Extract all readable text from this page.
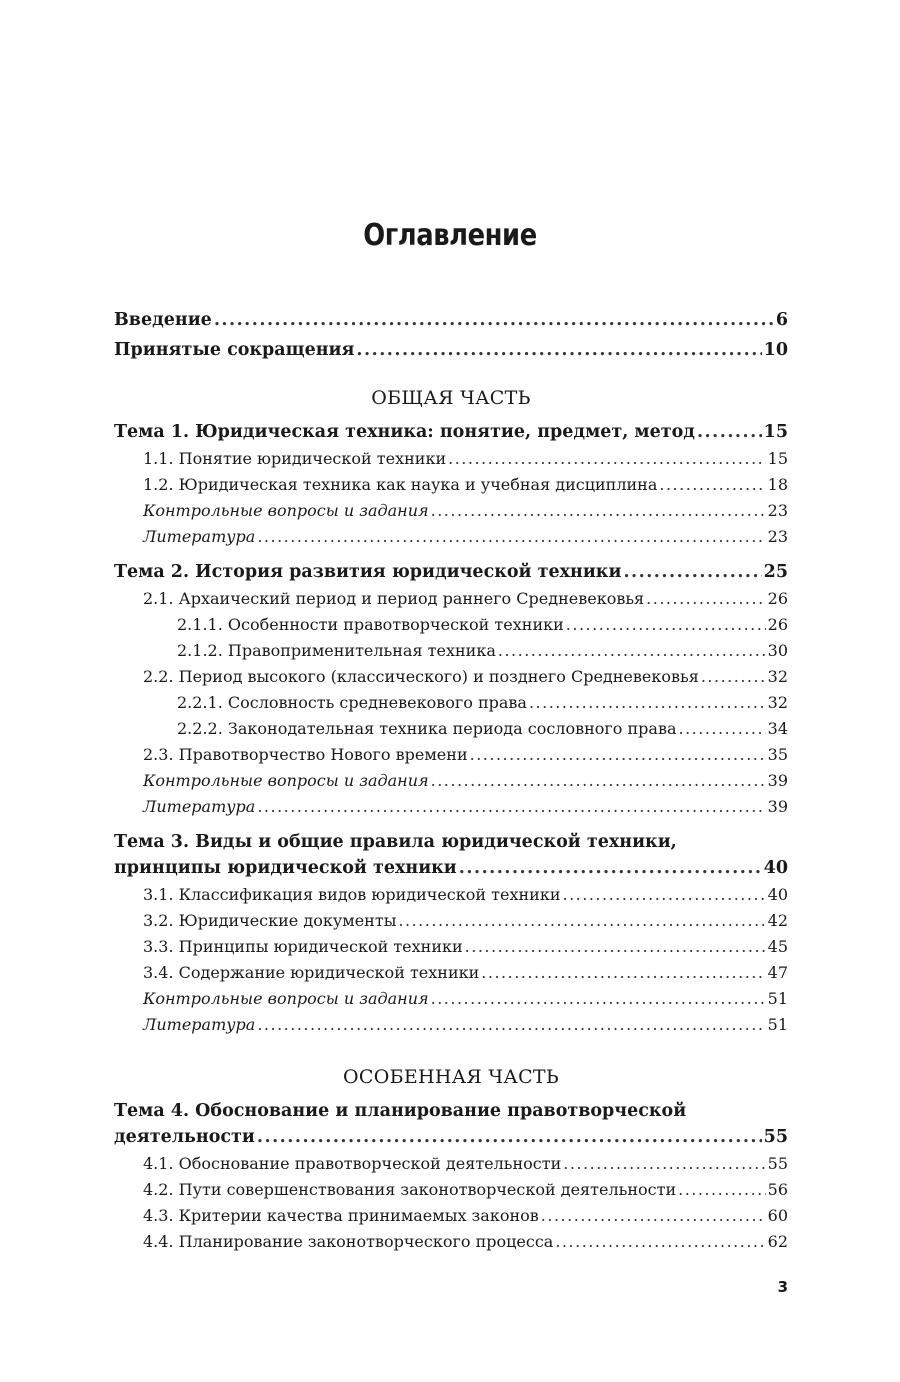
Оглавление
Введение .....	6
Принятые сокращения .....	10
ОБЩАЯ ЧАСТЬ
Тема 1. Юридическая техника: понятие, предмет, метод .....	15
1.1. Понятие юридической техники .....	15
1.2. Юридическая техника как наука и учебная дисциплина .....	18
Контрольные вопросы и задания .....	23
Литература .....	23
Тема 2. История развития юридической техники .....	25
2.1. Архаический период и период раннего Средневековья .....	26
2.1.1. Особенности правотворческой техники .....	26
2.1.2. Правоприменительная техника .....	30
2.2. Период высокого (классического) и позднего Средневековья .....	32
2.2.1. Сословность средневекового права .....	32
2.2.2. Законодательная техника периода сословного права .....	34
2.3. Правотворчество Нового времени .....	35
Контрольные вопросы и задания .....	39
Литература .....	39
Тема 3. Виды и общие правила юридической техники,
принципы юридической техники .....	40
3.1. Классификация видов юридической техники .....	40
3.2. Юридические документы .....	42
3.3. Принципы юридической техники .....	45
3.4. Содержание юридической техники .....	47
Контрольные вопросы и задания .....	51
Литература .....	51
ОСОБЕННАЯ ЧАСТЬ
Тема 4. Обоснование и планирование правотворческой
деятельности .....	55
4.1. Обоснование правотворческой деятельности .....	55
4.2. Пути совершенствования законотворческой деятельности .....	56
4.3. Критерии качества принимаемых законов .....	60
4.4. Планирование законотворческого процесса .....	62
3
